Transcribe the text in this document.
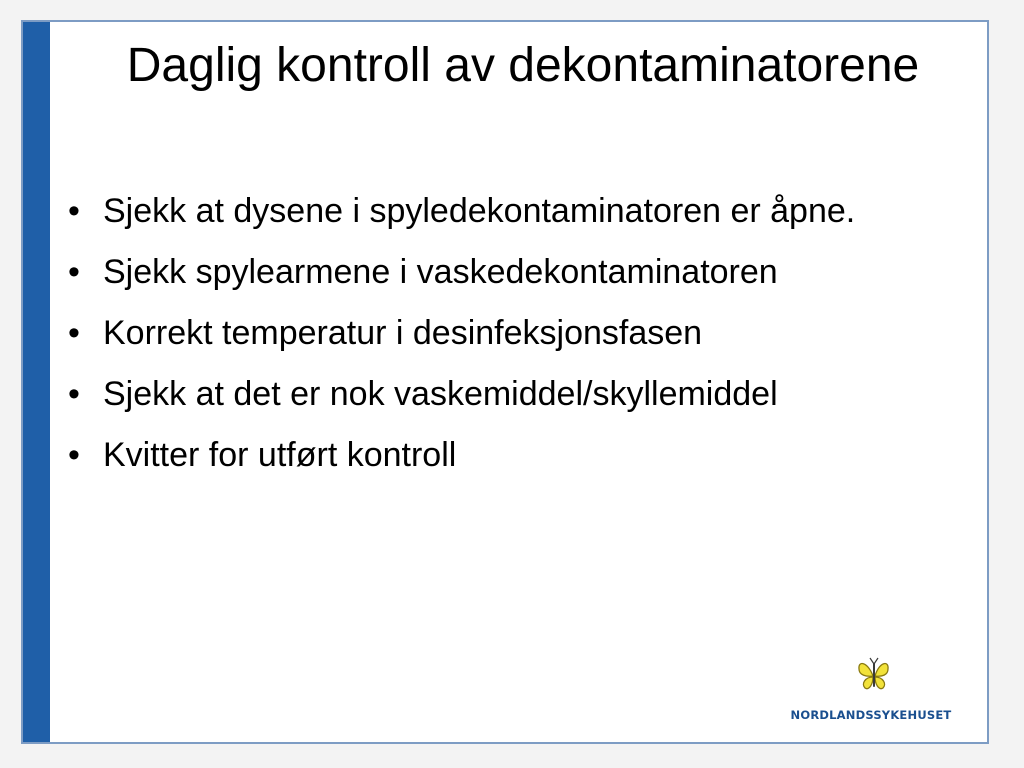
Daglig kontroll av dekontaminatorene
• Sjekk at dysene i spyledekontaminatoren er åpne.
• Sjekk spylearmene i vaskedekontaminatoren
• Korrekt temperatur i desinfeksjonsfasen
• Sjekk at det er nok vaskemiddel/skyllemiddel
• Kvitter for utført kontroll
NORDLANDSSYKEHUSET
